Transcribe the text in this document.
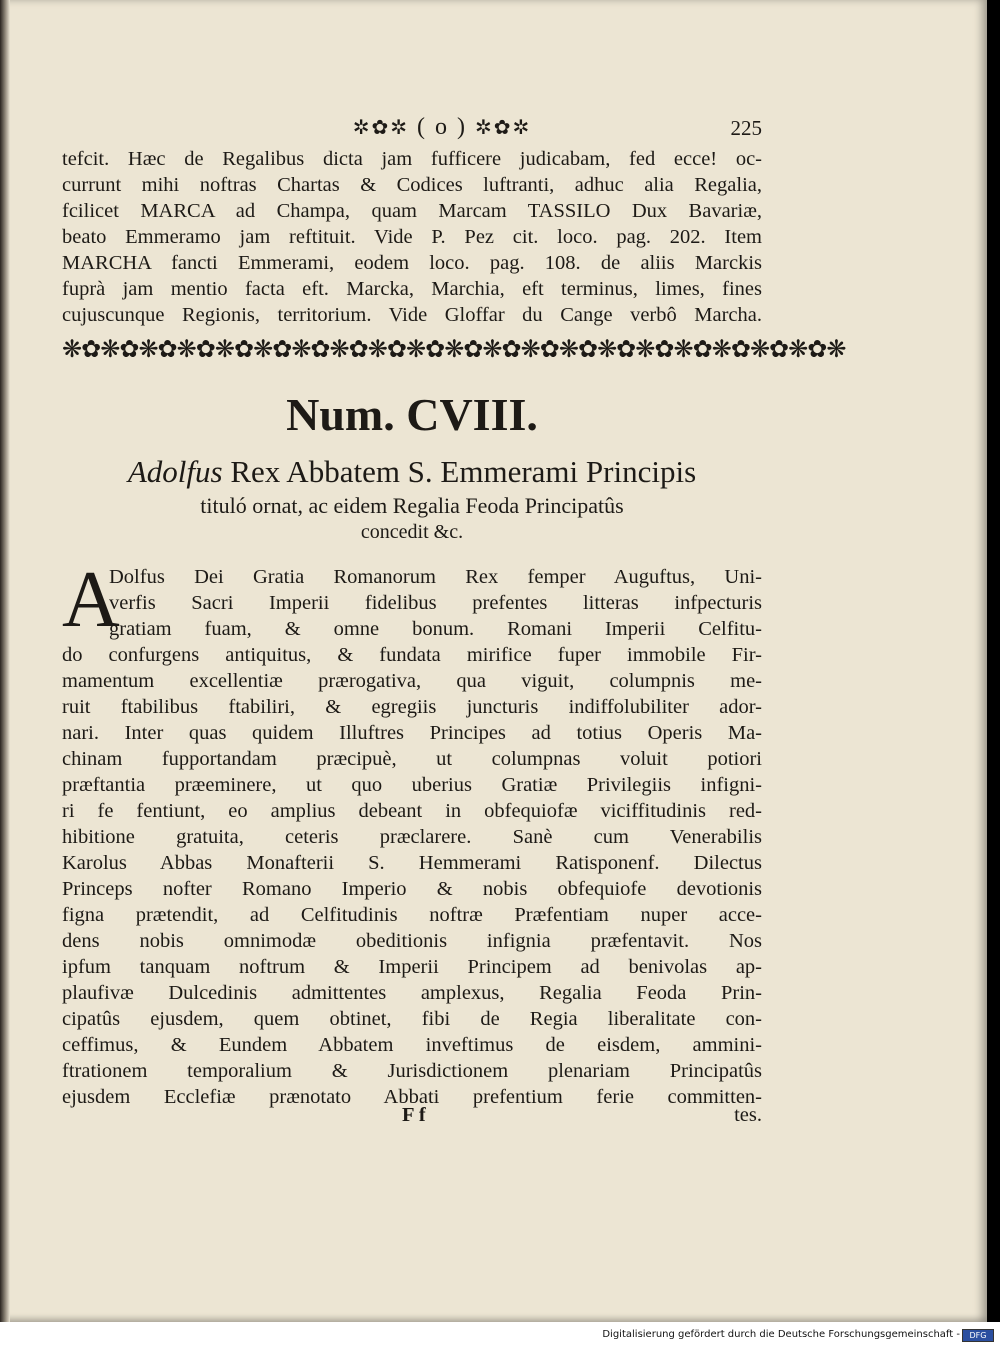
✲✿✲ ( o ) ✲✿✲	225
tefcit. Hæc de Regalibus dicta jam fufficere judicabam, fed ecce! oc-
currunt mihi noftras Chartas & Codices luftranti, adhuc alia Regalia,
fcilicet MARCA ad Champa, quam Marcam TASSILO Dux Bavariæ,
beato Emmeramo jam reftituit. Vide P. Pez cit. loco. pag. 202. Item
MARCHA fancti Emmerami, eodem loco. pag. 108. de aliis Marckis
fuprà jam mentio facta eft. Marcka, Marchia, eft terminus, limes, fines
cujuscunque Regionis, territorium. Vide Gloffar du Cange verbô Marcha.
❋✿❋✿❋✿❋✿❋✿❋✿❋✿❋✿❋✿❋✿❋✿❋✿❋✿❋✿❋✿❋✿❋✿❋✿❋✿❋✿❋
Num. CVIII.
Adolfus Rex Abbatem S. Emmerami Principis
tituló ornat, ac eidem Regalia Feoda Principatûs
concedit &c.
A
Dolfus Dei Gratia Romanorum Rex femper Auguftus, Uni-
verfis Sacri Imperii fidelibus prefentes litteras infpecturis
gratiam fuam, & omne bonum. Romani Imperii Celfitu-
do confurgens antiquitus, & fundata mirifice fuper immobile Fir-
mamentum excellentiæ prærogativa, qua viguit, columpnis me-
ruit ftabilibus ftabiliri, & egregiis juncturis indiffolubiliter ador-
nari. Inter quas quidem Illuftres Principes ad totius Operis Ma-
chinam fupportandam præcipuè, ut columpnas voluit potiori
præftantia præeminere, ut quo uberius Gratiæ Privilegiis infigni-
ri fe fentiunt, eo amplius debeant in obfequiofæ viciffitudinis red-
hibitione gratuita, ceteris præclarere. Sanè cum Venerabilis
Karolus Abbas Monafterii S. Hemmerami Ratisponenf. Dilectus
Princeps nofter Romano Imperio & nobis obfequiofe devotionis
figna prætendit, ad Celfitudinis noftræ Præfentiam nuper acce-
dens nobis omnimodæ obeditionis infignia præfentavit. Nos
ipfum tanquam noftrum & Imperii Principem ad benivolas ap-
plaufivæ Dulcedinis admittentes amplexus, Regalia Feoda Prin-
cipatûs ejusdem, quem obtinet, fibi de Regia liberalitate con-
ceffimus, & Eundem Abbatem inveftimus de eisdem, ammini-
ftrationem temporalium & Jurisdictionem plenariam Principatûs
ejusdem Ecclefiæ prænotato Abbati prefentium ferie committen-
F f	tes.
Digitalisierung gefördert durch die Deutsche Forschungsgemeinschaft -	DFG
